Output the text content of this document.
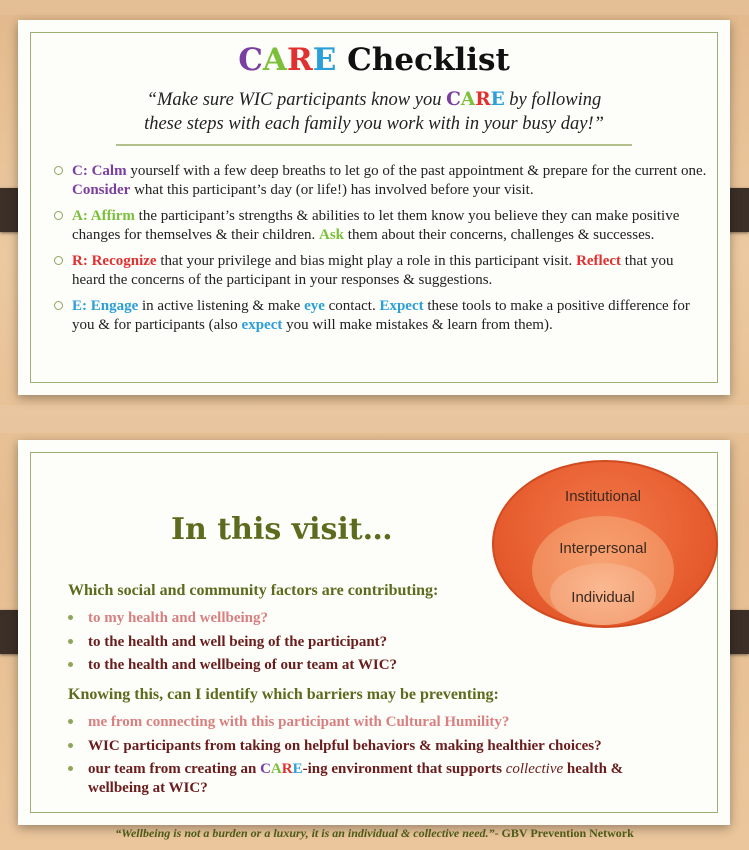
CARE Checklist
“Make sure WIC participants know you CARE by following
these steps with each family you work with in your busy day!”
C: Calm yourself with a few deep breaths to let go of the past appointment & prepare for the current one. Consider what this participant’s day (or life!) has involved before your visit.
A: Affirm the participant’s strengths & abilities to let them know you believe they can make positive changes for themselves & their children. Ask them about their concerns, challenges & successes.
R: Recognize that your privilege and bias might play a role in this participant visit. Reflect that you heard the concerns of the participant in your responses & suggestions.
E: Engage in active listening & make eye contact. Expect these tools to make a positive difference for you & for participants (also expect you will make mistakes & learn from them).
In this visit…
Institutional
Interpersonal
Individual
Which social and community factors are contributing:
to my health and wellbeing?
to the health and well being of the participant?
to the health and wellbeing of our team at WIC?
Knowing this, can I identify which barriers may be preventing:
me from connecting with this participant with Cultural Humility?
WIC participants from taking on helpful behaviors & making healthier choices?
our team from creating an CARE-ing environment that supports collective health & wellbeing at WIC?
“Wellbeing is not a burden or a luxury, it is an individual & collective need.”- GBV Prevention Network
